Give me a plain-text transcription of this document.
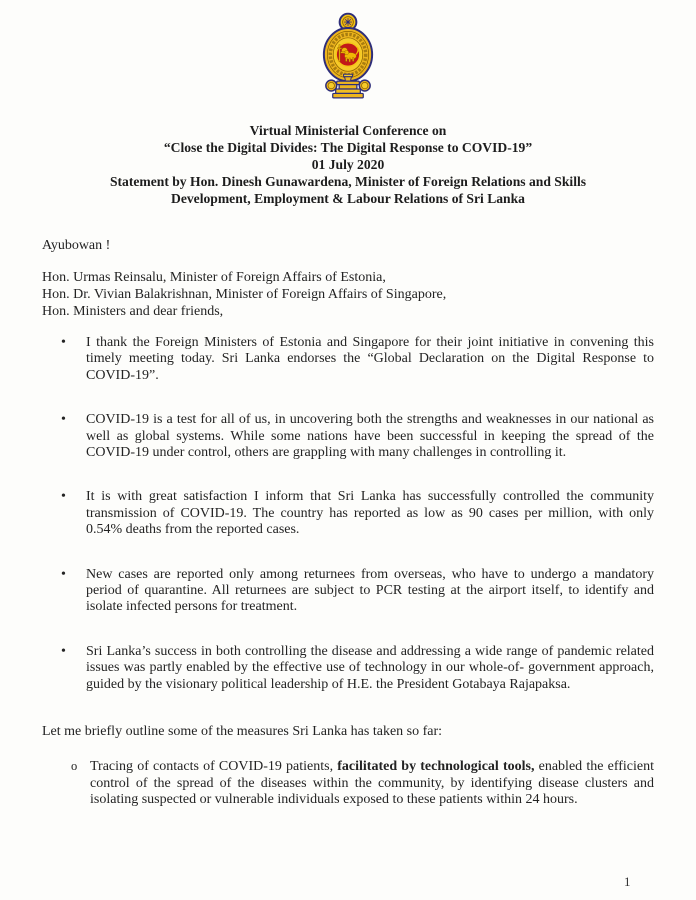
Virtual Ministerial Conference on
“Close the Digital Divides: The Digital Response to COVID-19”
01 July 2020
Statement by Hon. Dinesh Gunawardena, Minister of Foreign Relations and Skills
Development, Employment & Labour Relations of Sri Lanka
Ayubowan !
Hon. Urmas Reinsalu, Minister of Foreign Affairs of Estonia,
Hon. Dr. Vivian Balakrishnan, Minister of Foreign Affairs of Singapore,
Hon. Ministers and dear friends,
• I thank the Foreign Ministers of Estonia and Singapore for their joint initiative in convening this timely meeting today. Sri Lanka endorses the “Global Declaration on the Digital Response to COVID-19”.
• COVID-19 is a test for all of us, in uncovering both the strengths and weaknesses in our national as well as global systems. While some nations have been successful in keeping the spread of the COVID-19 under control, others are grappling with many challenges in controlling it.
• It is with great satisfaction I inform that Sri Lanka has successfully controlled the community transmission of COVID-19. The country has reported as low as 90 cases per million, with only 0.54% deaths from the reported cases.
• New cases are reported only among returnees from overseas, who have to undergo a mandatory period of quarantine. All returnees are subject to PCR testing at the airport itself, to identify and isolate infected persons for treatment.
• Sri Lanka’s success in both controlling the disease and addressing a wide range of pandemic related issues was partly enabled by the effective use of technology in our whole-of- government approach, guided by the visionary political leadership of H.E. the President Gotabaya Rajapaksa.
Let me briefly outline some of the measures Sri Lanka has taken so far:
o Tracing of contacts of COVID-19 patients, facilitated by technological tools, enabled the efficient control of the spread of the diseases within the community, by identifying disease clusters and isolating suspected or vulnerable individuals exposed to these patients within 24 hours.
1
